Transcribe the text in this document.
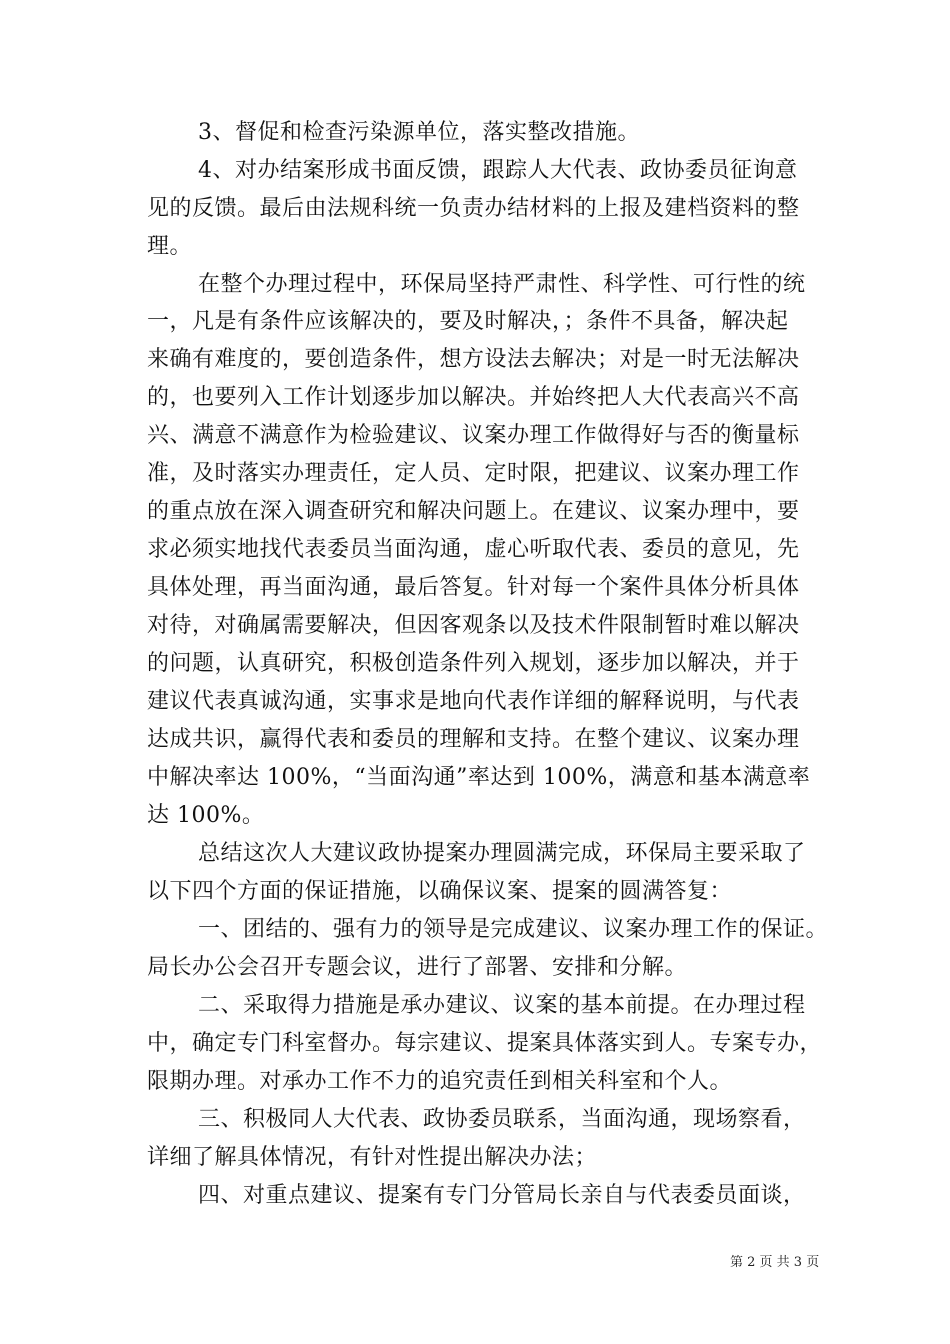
3、督促和检查污染源单位，落实整改措施。
4、对办结案形成书面反馈，跟踪人大代表、政协委员征询意
见的反馈。最后由法规科统一负责办结材料的上报及建档资料的整
理。
在整个办理过程中，环保局坚持严肃性、科学性、可行性的统
一，凡是有条件应该解决的，要及时解决，；条件不具备，解决起
来确有难度的，要创造条件，想方设法去解决；对是一时无法解决
的，也要列入工作计划逐步加以解决。并始终把人大代表高兴不高
兴、满意不满意作为检验建议、议案办理工作做得好与否的衡量标
准，及时落实办理责任，定人员、定时限，把建议、议案办理工作
的重点放在深入调查研究和解决问题上。在建议、议案办理中，要
求必须实地找代表委员当面沟通，虚心听取代表、委员的意见，先
具体处理，再当面沟通，最后答复。针对每一个案件具体分析具体
对待，对确属需要解决，但因客观条以及技术件限制暂时难以解决
的问题，认真研究，积极创造条件列入规划，逐步加以解决，并于
建议代表真诚沟通，实事求是地向代表作详细的解释说明，与代表
达成共识，赢得代表和委员的理解和支持。在整个建议、议案办理
中解决率达 100%，“当面沟通”率达到 100%，满意和基本满意率
达 100%。
总结这次人大建议政协提案办理圆满完成，环保局主要采取了
以下四个方面的保证措施，以确保议案、提案的圆满答复：
一、团结的、强有力的领导是完成建议、议案办理工作的保证。
局长办公会召开专题会议，进行了部署、安排和分解。
二、采取得力措施是承办建议、议案的基本前提。在办理过程
中，确定专门科室督办。每宗建议、提案具体落实到人。专案专办，
限期办理。对承办工作不力的追究责任到相关科室和个人。
三、积极同人大代表、政协委员联系，当面沟通，现场察看，
详细了解具体情况，有针对性提出解决办法；
四、对重点建议、提案有专门分管局长亲自与代表委员面谈，
第 2 页 共 3 页
